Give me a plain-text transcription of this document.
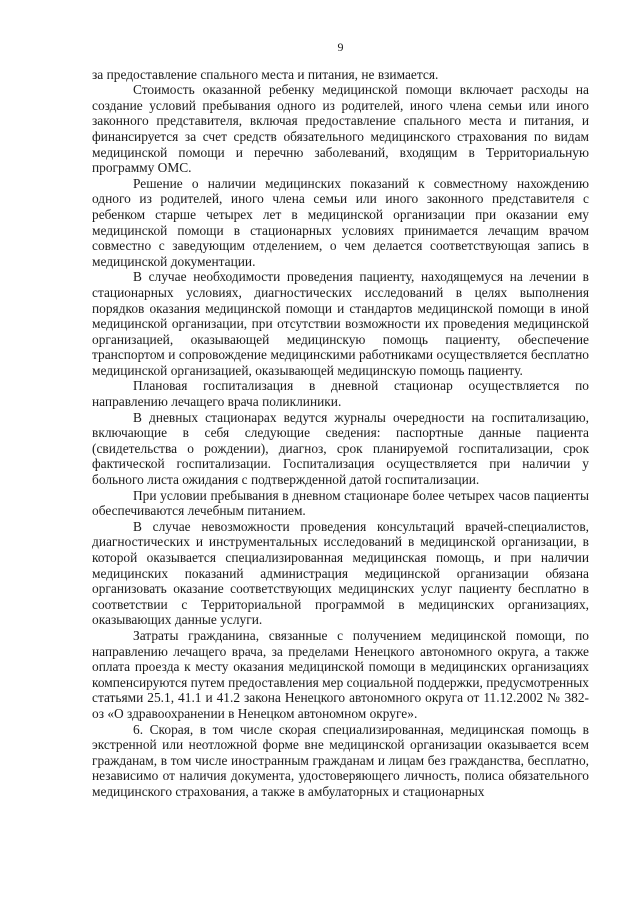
9

за предоставление спального места и питания, не взимается.

Стоимость оказанной ребенку медицинской помощи включает расходы на создание условий пребывания одного из родителей, иного члена семьи или иного законного представителя, включая предоставление спального места и питания, и финансируется за счет средств обязательного медицинского страхования по видам медицинской помощи и перечню заболеваний, входящим в Территориальную программу ОМС.

Решение о наличии медицинских показаний к совместному нахождению одного из родителей, иного члена семьи или иного законного представителя с ребенком старше четырех лет в медицинской организации при оказании ему медицинской помощи в стационарных условиях принимается лечащим врачом совместно с заведующим отделением, о чем делается соответствующая запись в медицинской документации.

В случае необходимости проведения пациенту, находящемуся на лечении в стационарных условиях, диагностических исследований в целях выполнения порядков оказания медицинской помощи и стандартов медицинской помощи в иной медицинской организации, при отсутствии возможности их проведения медицинской организацией, оказывающей медицинскую помощь пациенту, обеспечение транспортом и сопровождение медицинскими работниками осуществляется бесплатно медицинской организацией, оказывающей медицинскую помощь пациенту.

Плановая госпитализация в дневной стационар осуществляется по направлению лечащего врача поликлиники.

В дневных стационарах ведутся журналы очередности на госпитализацию, включающие в себя следующие сведения: паспортные данные пациента (свидетельства о рождении), диагноз, срок планируемой госпитализации, срок фактической госпитализации. Госпитализация осуществляется при наличии у больного листа ожидания с подтвержденной датой госпитализации.

При условии пребывания в дневном стационаре более четырех часов пациенты обеспечиваются лечебным питанием.

В случае невозможности проведения консультаций врачей-специалистов, диагностических и инструментальных исследований в медицинской организации, в которой оказывается специализированная медицинская помощь, и при наличии медицинских показаний администрация медицинской организации обязана организовать оказание соответствующих медицинских услуг пациенту бесплатно в соответствии с Территориальной программой в медицинских организациях, оказывающих данные услуги.

Затраты гражданина, связанные с получением медицинской помощи, по направлению лечащего врача, за пределами Ненецкого автономного округа, а также оплата проезда к месту оказания медицинской помощи в медицинских организациях компенсируются путем предоставления мер социальной поддержки, предусмотренных статьями 25.1, 41.1 и 41.2 закона Ненецкого автономного округа от 11.12.2002 № 382-оз «О здравоохранении в Ненецком автономном округе».

6. Скорая, в том числе скорая специализированная, медицинская помощь в экстренной или неотложной форме вне медицинской организации оказывается всем гражданам, в том числе иностранным гражданам и лицам без гражданства, бесплатно, независимо от наличия документа, удостоверяющего личность, полиса обязательного медицинского страхования, а также в амбулаторных и стационарных
